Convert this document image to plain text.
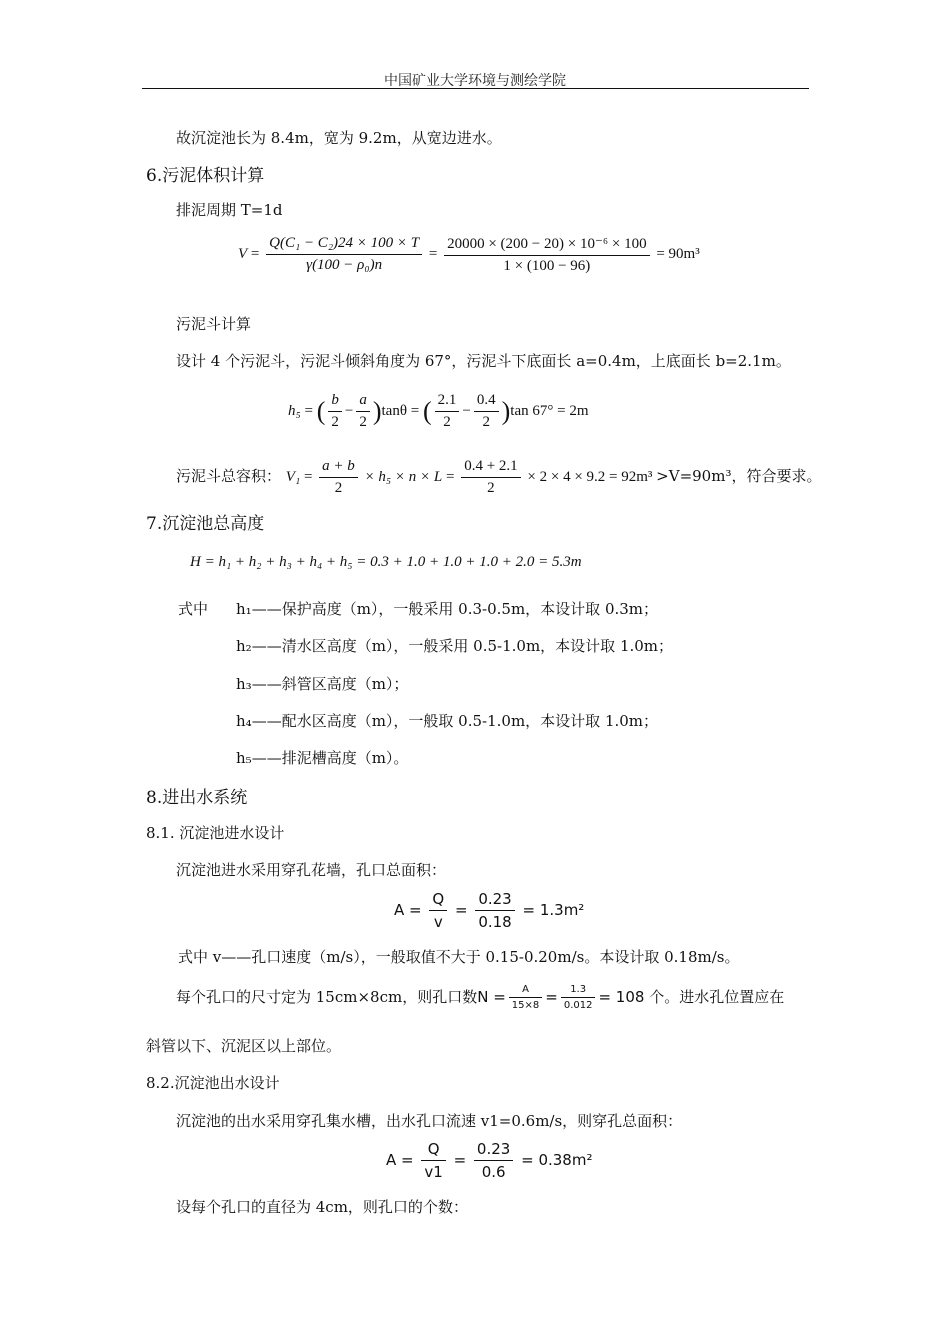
中国矿业大学环境与测绘学院
故沉淀池长为 8.4m，宽为 9.2m，从宽边进水。
6.污泥体积计算
排泥周期 T=1d
$V = \frac{\text{Q(C₁ − C₂)24 × 100 × T}}{\text{γ(100 − ρ₀)n}} = \frac{\text{20000 × (200 − 20) × 10⁻⁶ × 100}}{1 \times (100 - 96)} = 90m^3$
污泥斗计算
设计 4 个污泥斗，污泥斗倾斜角度为 67°，污泥斗下底面长 a=0.4m，上底面长 b=2.1m。
h₅ = ( $\frac{b}{2} - \frac{a}{2} )\tan\theta$ = ( $\frac{2.1}{2} - \frac{0.4}{2} )\tan$ 67° = 2m
污泥斗总容积： $V_1 = \frac{a + b}{2} \times h_5 \times n \times L = \frac{0.4 + 2.1}{2} \times 2 \times 4 \times 9.2 = 92m^3 >V=90m^3$，符合要求。
7.沉淀池总高度
H = h₁ + h₂ + h₃ + h₄ + h₅ = 0.3 + 1.0 + 1.0 + 1.0 + 2.0 = 5.3m
式中 h₁——保护高度（m），一般采用 0.3-0.5m，本设计取 0.3m；
h₂——清水区高度（m），一般采用 0.5-1.0m，本设计取 1.0m；
h₃——斜管区高度（m）；
h₄——配水区高度（m），一般取 0.5-1.0m，本设计取 1.0m；
h₅——排泥槽高度（m）。
8.进出水系统
8.1. 沉淀池进水设计
沉淀池进水采用穿孔花墙，孔口总面积：
$A = \frac{Q}{v} = \frac{0.23}{0.18} = 1.3m^2$
式中 v——孔口速度（m/s），一般取值不大于 0.15-0.20m/s。本设计取 0.18m/s。
每个孔口的尺寸定为 15cm×8cm，则孔口数$N = \frac{A}{15\times 8} = \frac{1.3}{0.012} = 108$ 个。进水孔位置应在
斜管以下、沉泥区以上部位。
8.2.沉淀池出水设计
沉淀池的出水采用穿孔集水槽，出水孔口流速 v1=0.6m/s，则穿孔总面积：
$A = \frac{Q}{v1} = \frac{0.23}{0.6} = 0.38m^2$
设每个孔口的直径为 4cm，则孔口的个数：
